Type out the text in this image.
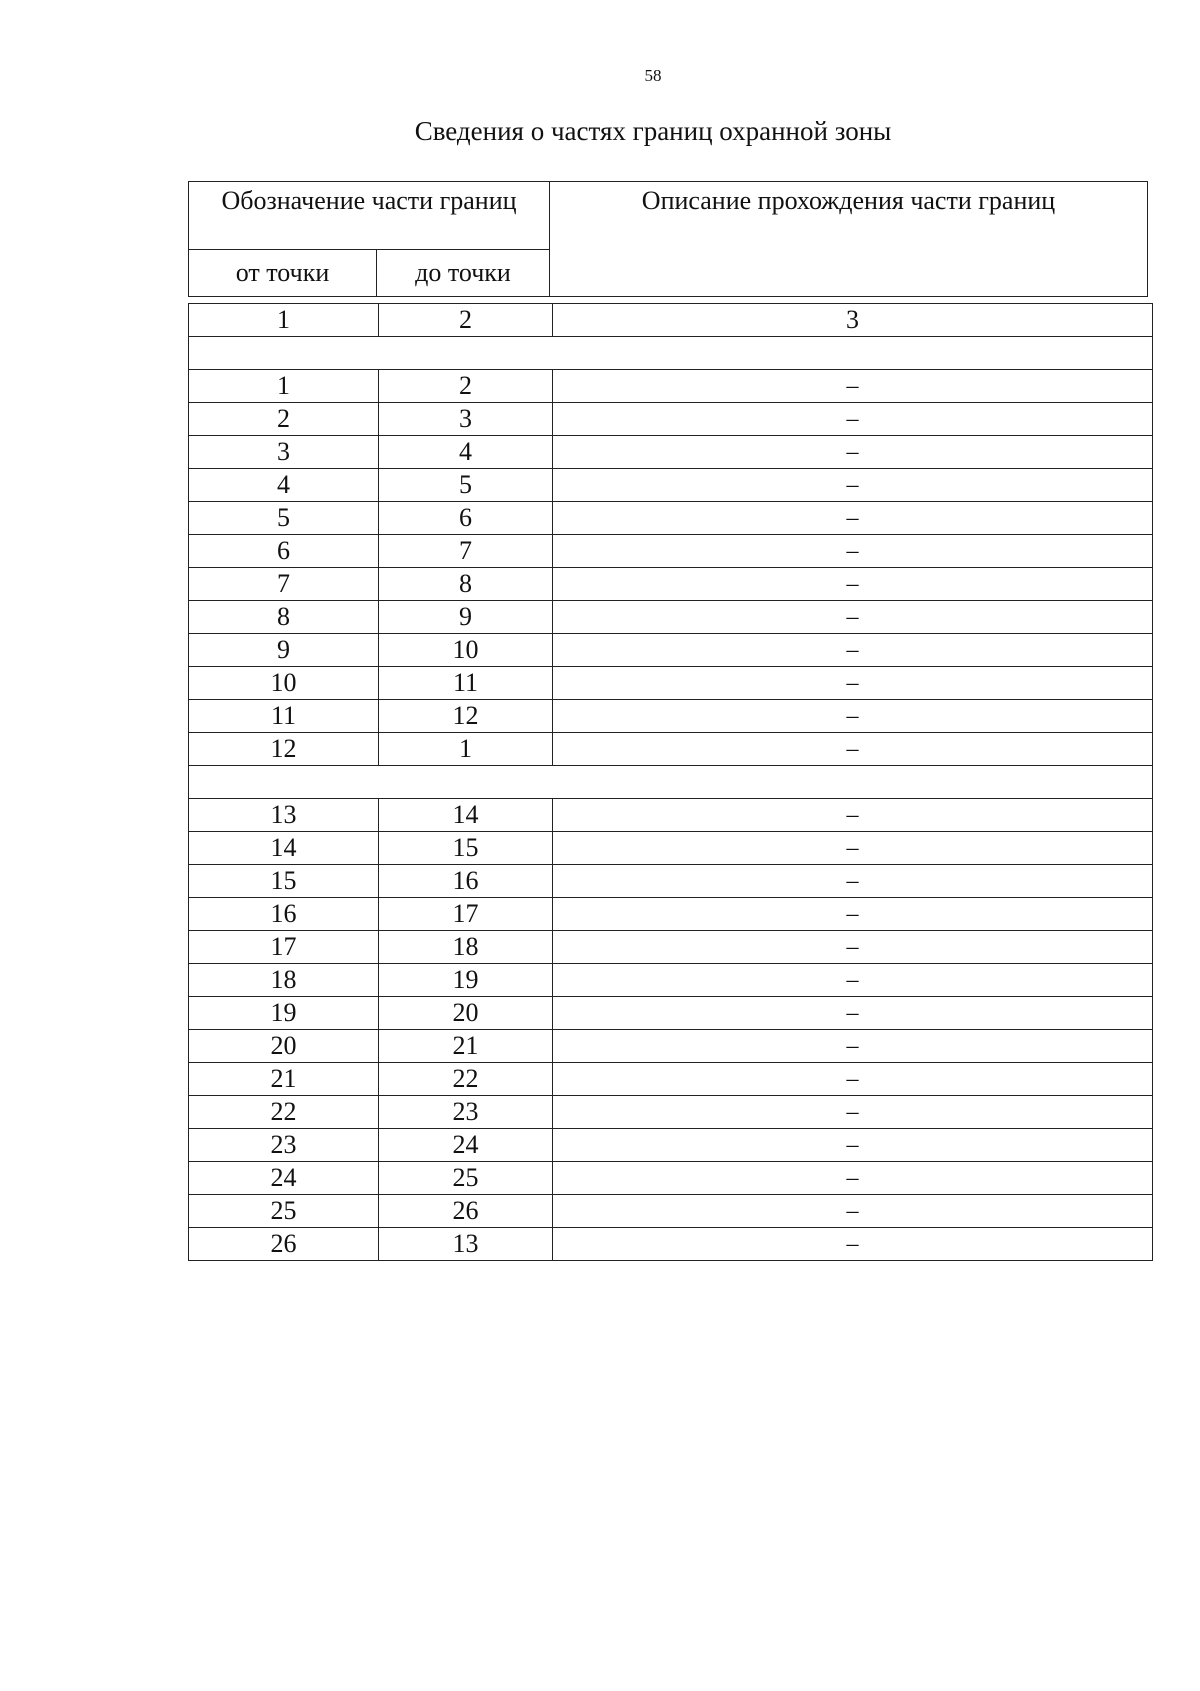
58
Сведения о частях границ охранной зоны
Обозначение части границ		Описание прохождения части границ
от точки	до точки	
1	2	3

1	2	–
2	3	–
3	4	–
4	5	–
5	6	–
6	7	–
7	8	–
8	9	–
9	10	–
10	11	–
11	12	–
12	1	–

13	14	–
14	15	–
15	16	–
16	17	–
17	18	–
18	19	–
19	20	–
20	21	–
21	22	–
22	23	–
23	24	–
24	25	–
25	26	–
26	13	–
